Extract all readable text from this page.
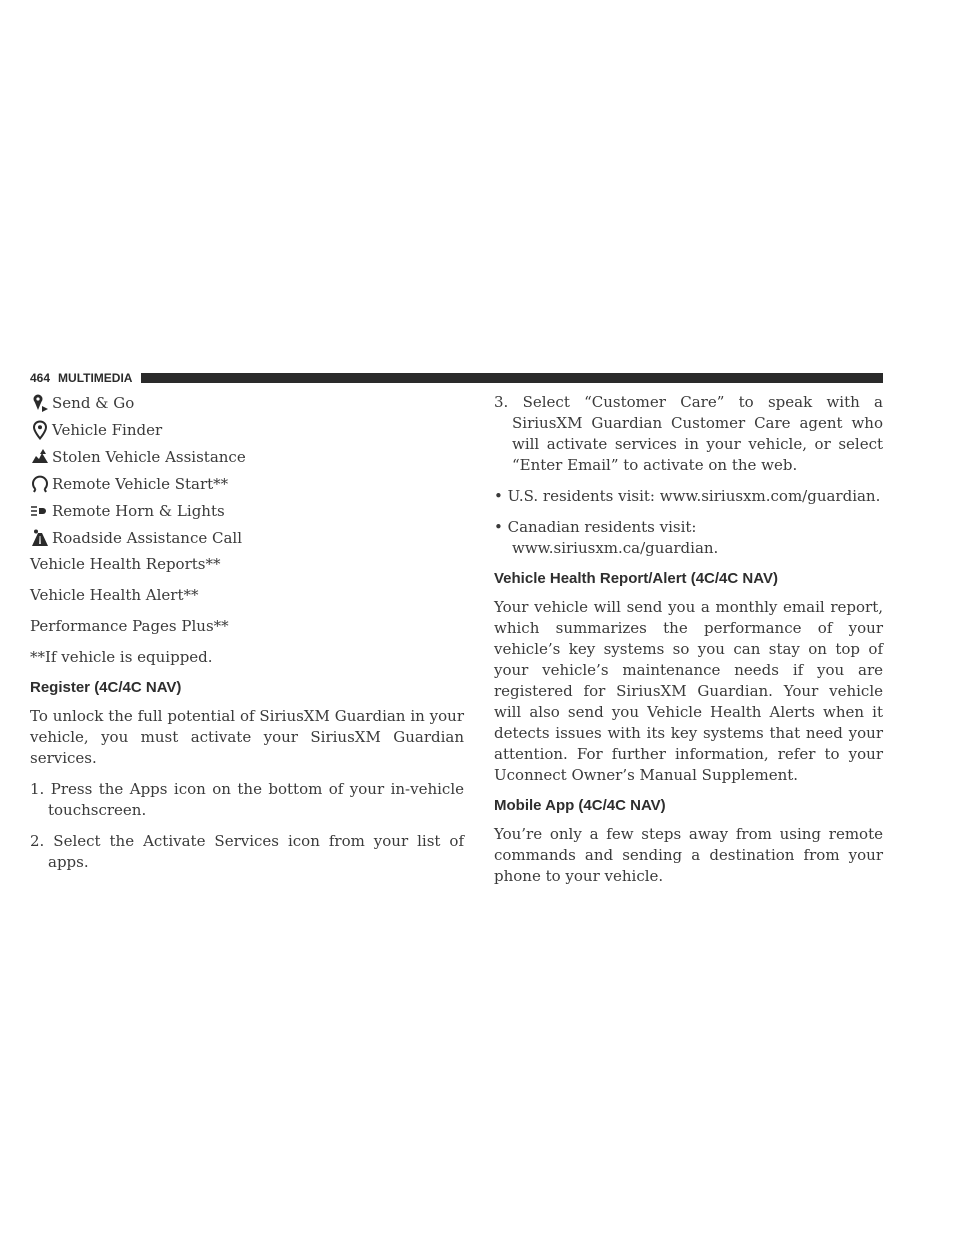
464 MULTIMEDIA
Send & Go
Vehicle Finder
Stolen Vehicle Assistance
Remote Vehicle Start**
Remote Horn & Lights
Roadside Assistance Call

Vehicle Health Reports**

Vehicle Health Alert**

Performance Pages Plus**

**If vehicle is equipped.

Register (4C/4C NAV)

To unlock the full potential of SiriusXM Guardian in your vehicle, you must activate your SiriusXM Guardian services.

1. Press the Apps icon on the bottom of your in-vehicle touchscreen.

2. Select the Activate Services icon from your list of apps.

3. Select “Customer Care” to speak with a SiriusXM Guardian Customer Care agent who will activate services in your vehicle, or select “Enter Email” to activate on the web.

• U.S. residents visit: www.siriusxm.com/guardian.

• Canadian residents visit: www.siriusxm.ca/guardian.

Vehicle Health Report/Alert (4C/4C NAV)

Your vehicle will send you a monthly email report, which summarizes the performance of your vehicle’s key systems so you can stay on top of your vehicle’s maintenance needs if you are registered for SiriusXM Guardian. Your vehicle will also send you Vehicle Health Alerts when it detects issues with its key systems that need your attention. For further information, refer to your Uconnect Owner’s Manual Supplement.

Mobile App (4C/4C NAV)

You’re only a few steps away from using remote commands and sending a destination from your phone to your vehicle.
